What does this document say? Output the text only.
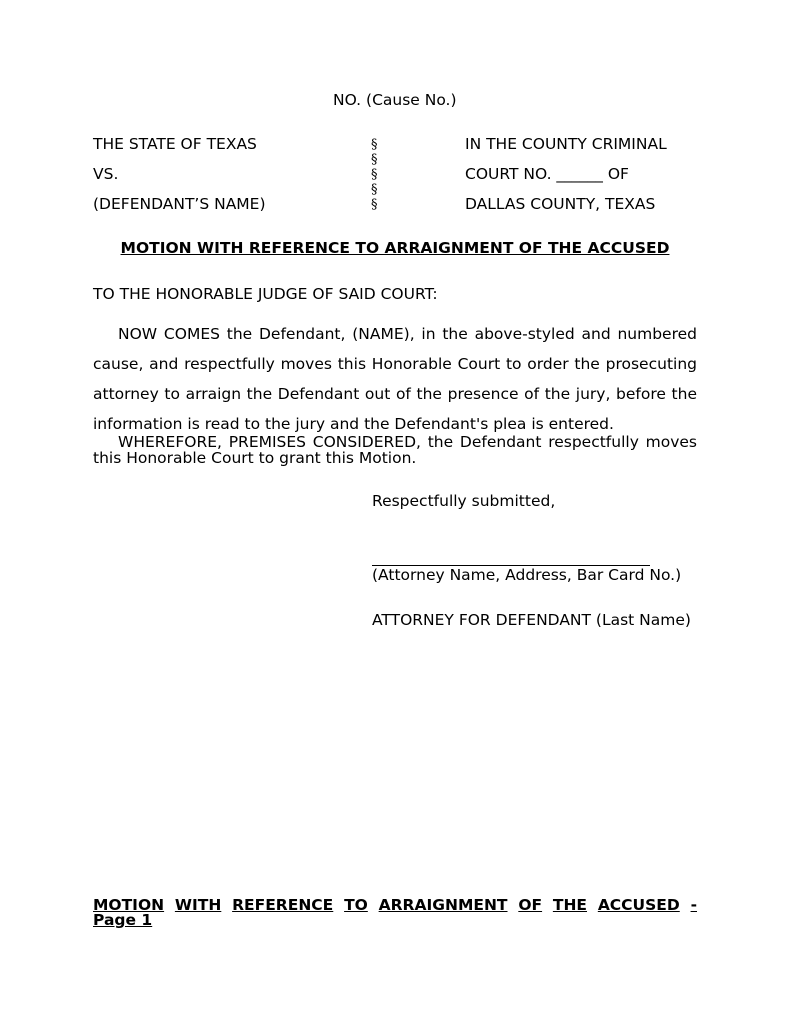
NO. (Cause No.)
THE STATE OF TEXAS
VS.
(DEFENDANT’S NAME)
§
§
§
§
§
IN THE COUNTY CRIMINAL
COURT NO. ______ OF
DALLAS COUNTY, TEXAS
MOTION WITH REFERENCE TO ARRAIGNMENT OF THE ACCUSED
TO THE HONORABLE JUDGE OF SAID COURT:
NOW COMES the Defendant, (NAME), in the above-styled and numbered
cause, and respectfully moves this Honorable Court to order the prosecuting
attorney to arraign the Defendant out of the presence of the jury, before the
information is read to the jury and the Defendant's plea is entered.
WHEREFORE, PREMISES CONSIDERED, the Defendant respectfully moves
this Honorable Court to grant this Motion.
Respectfully submitted,
(Attorney Name, Address, Bar Card No.)
ATTORNEY FOR DEFENDANT (Last Name)
MOTION WITH REFERENCE TO ARRAIGNMENT OF THE ACCUSED -
Page 1
